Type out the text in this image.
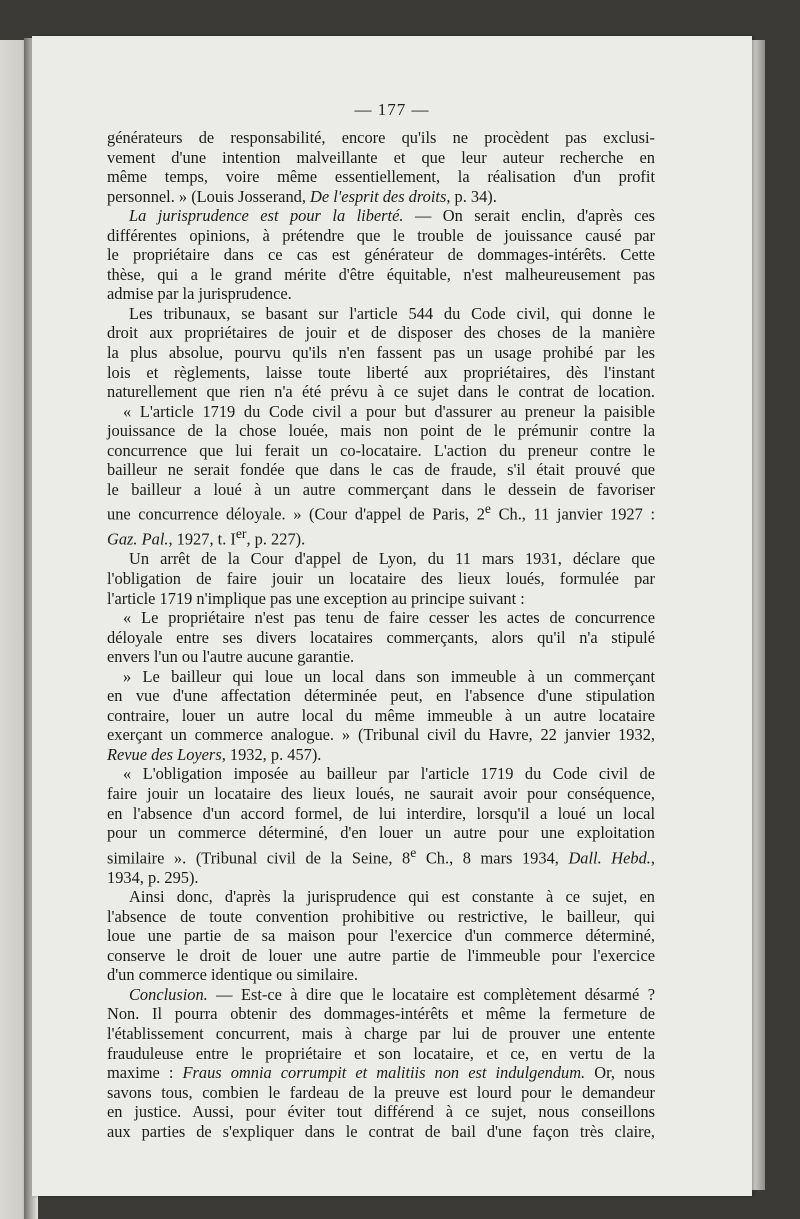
— 177 —
générateurs de responsabilité, encore qu'ils ne procèdent pas exclusi-
vement d'une intention malveillante et que leur auteur recherche en
même temps, voire même essentiellement, la réalisation d'un profit
personnel. » (Louis Josserand, De l'esprit des droits, p. 34).
La jurisprudence est pour la liberté. — On serait enclin, d'après ces
différentes opinions, à prétendre que le trouble de jouissance causé par
le propriétaire dans ce cas est générateur de dommages-intérêts. Cette
thèse, qui a le grand mérite d'être équitable, n'est malheureusement pas
admise par la jurisprudence.
Les tribunaux, se basant sur l'article 544 du Code civil, qui donne le
droit aux propriétaires de jouir et de disposer des choses de la manière
la plus absolue, pourvu qu'ils n'en fassent pas un usage prohibé par les
lois et règlements, laisse toute liberté aux propriétaires, dès l'instant
naturellement que rien n'a été prévu à ce sujet dans le contrat de location.
« L'article 1719 du Code civil a pour but d'assurer au preneur la paisible
jouissance de la chose louée, mais non point de le prémunir contre la
concurrence que lui ferait un co-locataire. L'action du preneur contre le
bailleur ne serait fondée que dans le cas de fraude, s'il était prouvé que
le bailleur a loué à un autre commerçant dans le dessein de favoriser
une concurrence déloyale. » (Cour d'appel de Paris, 2e Ch., 11 janvier 1927 :
Gaz. Pal., 1927, t. Ier, p. 227).
Un arrêt de la Cour d'appel de Lyon, du 11 mars 1931, déclare que
l'obligation de faire jouir un locataire des lieux loués, formulée par
l'article 1719 n'implique pas une exception au principe suivant :
« Le propriétaire n'est pas tenu de faire cesser les actes de concurrence
déloyale entre ses divers locataires commerçants, alors qu'il n'a stipulé
envers l'un ou l'autre aucune garantie.
» Le bailleur qui loue un local dans son immeuble à un commerçant
en vue d'une affectation déterminée peut, en l'absence d'une stipulation
contraire, louer un autre local du même immeuble à un autre locataire
exerçant un commerce analogue. » (Tribunal civil du Havre, 22 janvier 1932,
Revue des Loyers, 1932, p. 457).
« L'obligation imposée au bailleur par l'article 1719 du Code civil de
faire jouir un locataire des lieux loués, ne saurait avoir pour conséquence,
en l'absence d'un accord formel, de lui interdire, lorsqu'il a loué un local
pour un commerce déterminé, d'en louer un autre pour une exploitation
similaire ». (Tribunal civil de la Seine, 8e Ch., 8 mars 1934, Dall. Hebd.,
1934, p. 295).
Ainsi donc, d'après la jurisprudence qui est constante à ce sujet, en
l'absence de toute convention prohibitive ou restrictive, le bailleur, qui
loue une partie de sa maison pour l'exercice d'un commerce déterminé,
conserve le droit de louer une autre partie de l'immeuble pour l'exercice
d'un commerce identique ou similaire.
Conclusion. — Est-ce à dire que le locataire est complètement désarmé ?
Non. Il pourra obtenir des dommages-intérêts et même la fermeture de
l'établissement concurrent, mais à charge par lui de prouver une entente
frauduleuse entre le propriétaire et son locataire, et ce, en vertu de la
maxime : Fraus omnia corrumpit et malitiis non est indulgendum. Or, nous
savons tous, combien le fardeau de la preuve est lourd pour le demandeur
en justice. Aussi, pour éviter tout différend à ce sujet, nous conseillons
aux parties de s'expliquer dans le contrat de bail d'une façon très claire,
